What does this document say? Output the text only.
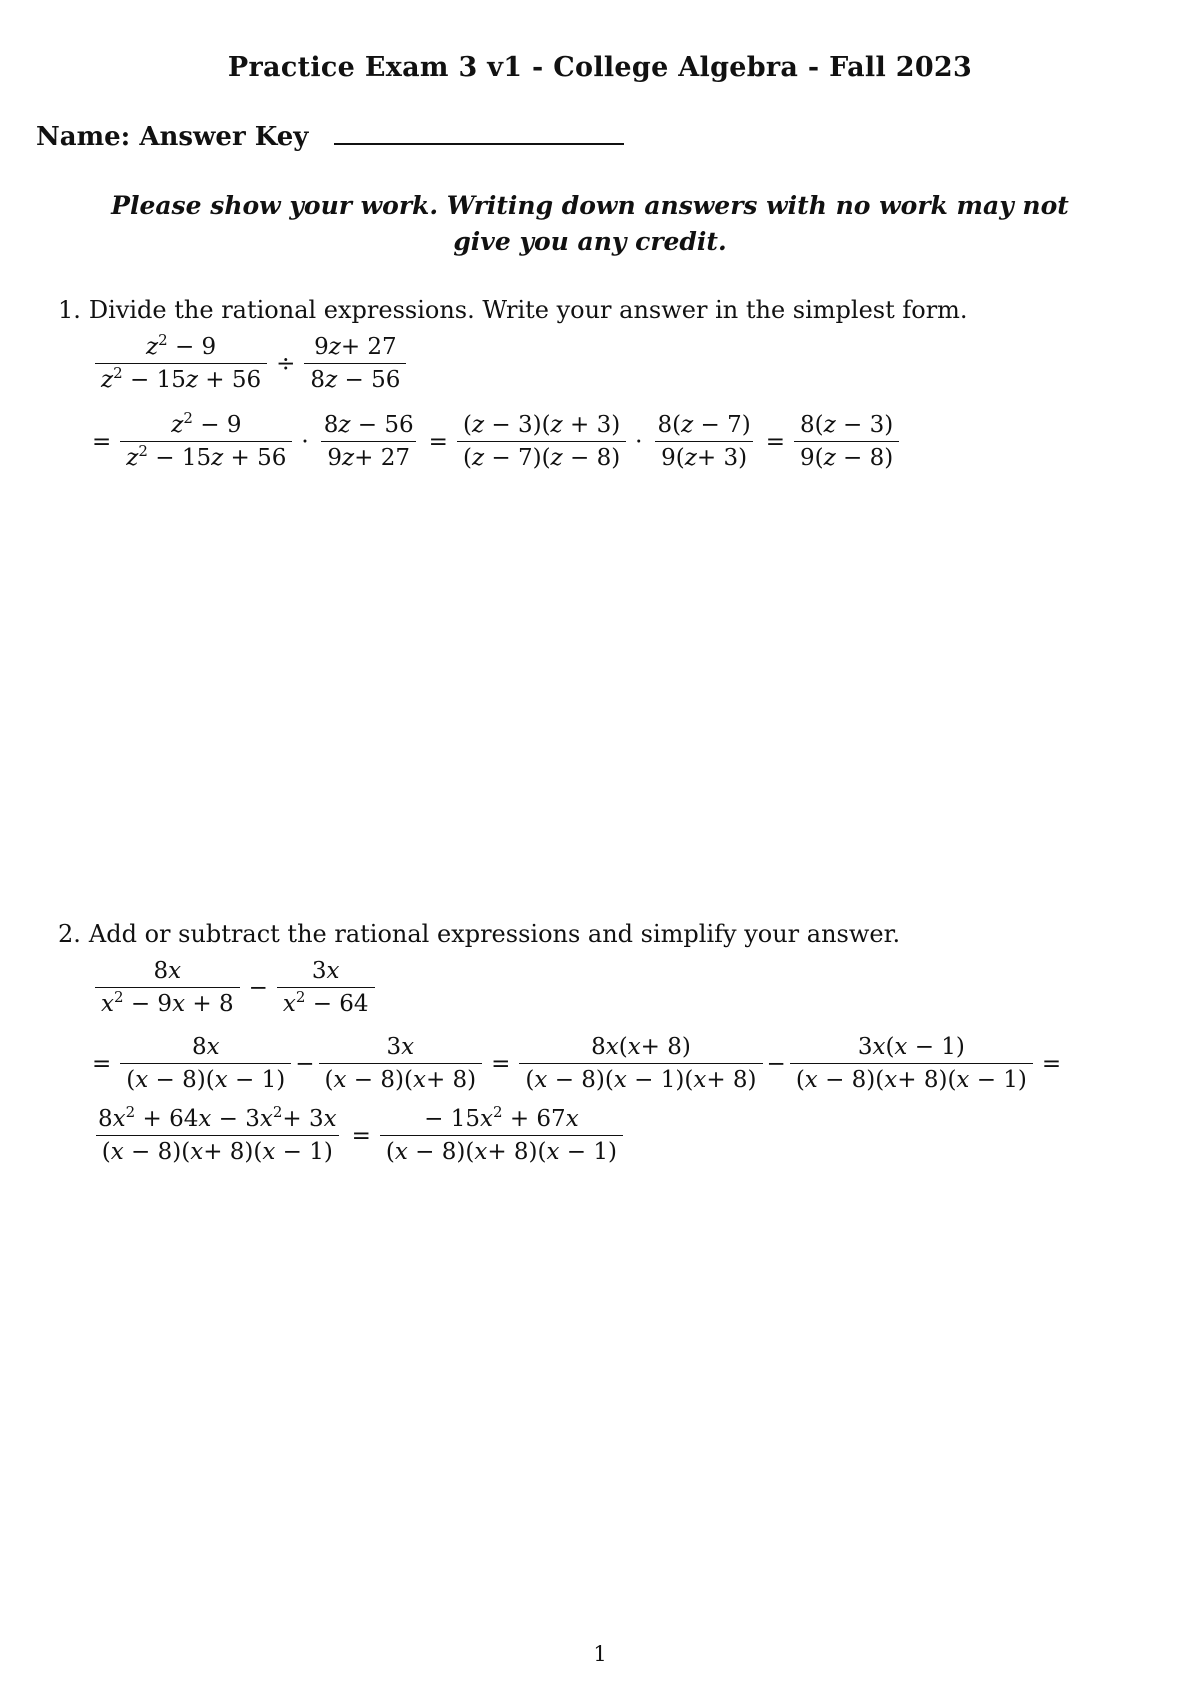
Practice Exam 3 v1 - College Algebra - Fall 2023
Name: Answer Key
Please show your work. Writing down answers with no work may not
give you any credit.
1. Divide the rational expressions. Write your answer in the simplest form.
$\frac{z^2 - 9}{z^2 - 15z + 56} \div \frac{9z+ 27}{8z - 56}$
= $\frac{z^2 - 9}{z^2 - 15z + 56} \cdot \frac{8z - 56}{9z+ 27} = \frac{(z - 3)(z + 3)}{(z - 7)(z - 8)} \cdot \frac{8(z - 7)}{9(z+ 3)} = \frac{8(z - 3)}{9(z - 8)}$
2. Add or subtract the rational expressions and simplify your answer.
$\frac{8x}{x^2 - 9x + 8} - \frac{3x}{x^2 - 64}$
= $\frac{8x}{(x - 8)(x - 1)} - \frac{3x}{(x - 8)(x+ 8)} = \frac{8x(x+ 8)}{(x - 8)(x - 1)(x+ 8)} - \frac{3x(x - 1)}{(x - 8)(x+ 8)(x - 1)}$ =
$\frac{8x^2 + 64x - 3x^2+ 3x}{(x - 8)(x+ 8)(x - 1)} = \frac{- 15x^2 + 67x}{(x - 8)(x+ 8)(x - 1)}$
1
